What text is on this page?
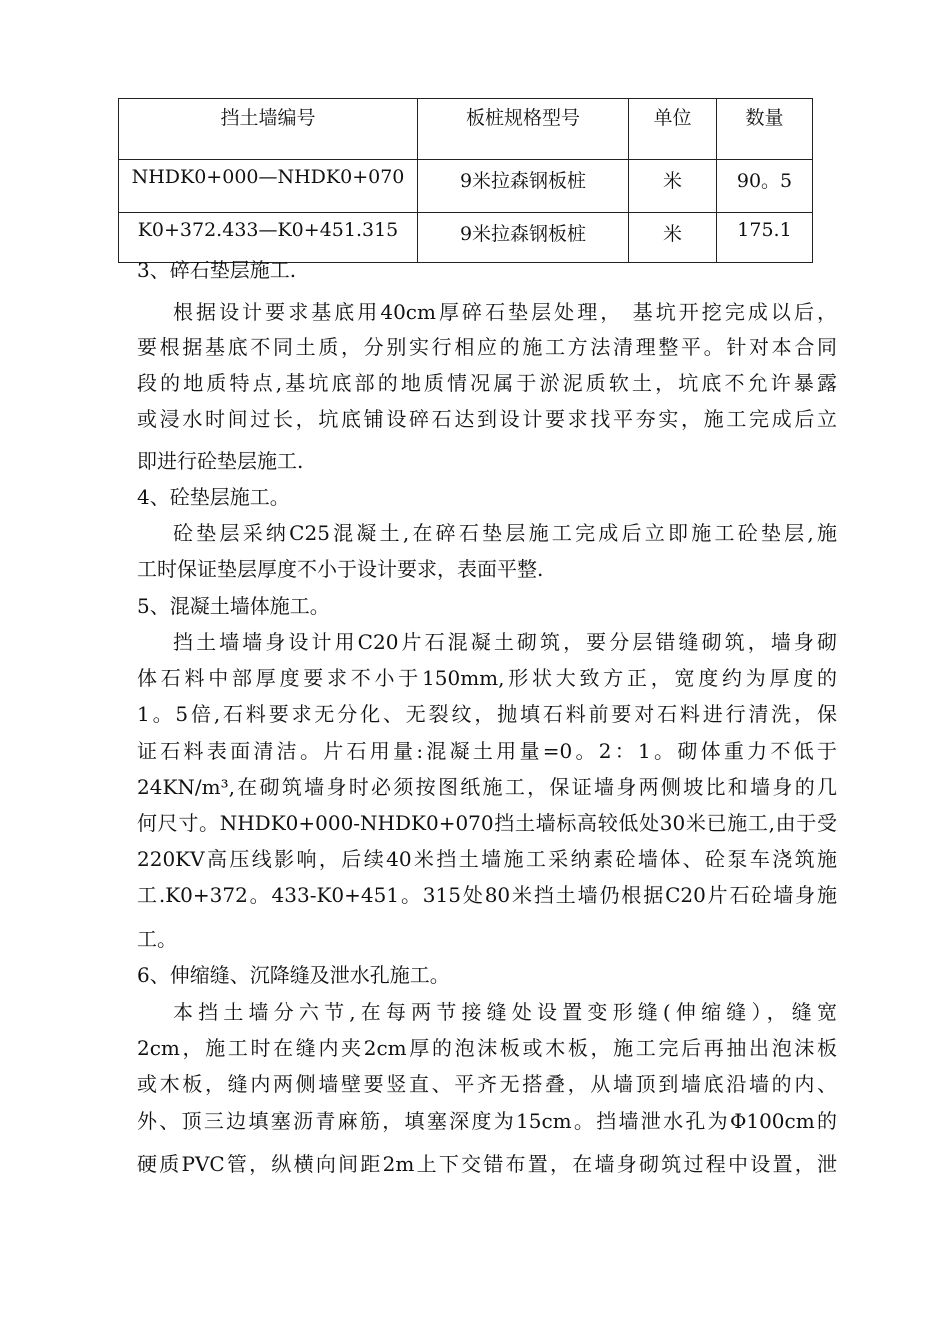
挡土墙编号	板桩规格型号	单位	数量
NHDK0+000—NHDK0+070	9米拉森钢板桩	米	90。5
K0+372.433—K0+451.315	9米拉森钢板桩	米	175.1
3、碎石垫层施工.
根据设计要求基底用40cm厚碎石垫层处理， 基坑开挖完成以后，
要根据基底不同土质，分别实行相应的施工方法清理整平。针对本合同
段的地质特点,基坑底部的地质情况属于淤泥质软土，坑底不允许暴露
或浸水时间过长，坑底铺设碎石达到设计要求找平夯实，施工完成后立
即进行砼垫层施工.
4、砼垫层施工。
砼垫层采纳C25混凝土,在碎石垫层施工完成后立即施工砼垫层,施
工时保证垫层厚度不小于设计要求，表面平整.
5、混凝土墙体施工。
挡土墙墙身设计用C20片石混凝土砌筑，要分层错缝砌筑，墙身砌
体石料中部厚度要求不小于150mm,形状大致方正，宽度约为厚度的
1。5倍,石料要求无分化、无裂纹，抛填石料前要对石料进行清洗，保
证石料表面清洁。片石用量:混凝土用量=0。2：1。砌体重力不低于
24KN/m³,在砌筑墙身时必须按图纸施工，保证墙身两侧坡比和墙身的几
何尺寸。NHDK0+000-NHDK0+070挡土墙标高较低处30米已施工,由于受
220KV高压线影响，后续40米挡土墙施工采纳素砼墙体、砼泵车浇筑施
工.K0+372。433-K0+451。315处80米挡土墙仍根据C20片石砼墙身施
工。
6、伸缩缝、沉降缝及泄水孔施工。
本挡土墙分六节,在每两节接缝处设置变形缝(伸缩缝），缝宽
2cm，施工时在缝内夹2cm厚的泡沫板或木板，施工完后再抽出泡沫板
或木板，缝内两侧墙壁要竖直、平齐无搭叠，从墙顶到墙底沿墙的内、
外、顶三边填塞沥青麻筋，填塞深度为15cm。挡墙泄水孔为Φ100cm的
硬质PVC管，纵横向间距2m上下交错布置，在墙身砌筑过程中设置，泄
